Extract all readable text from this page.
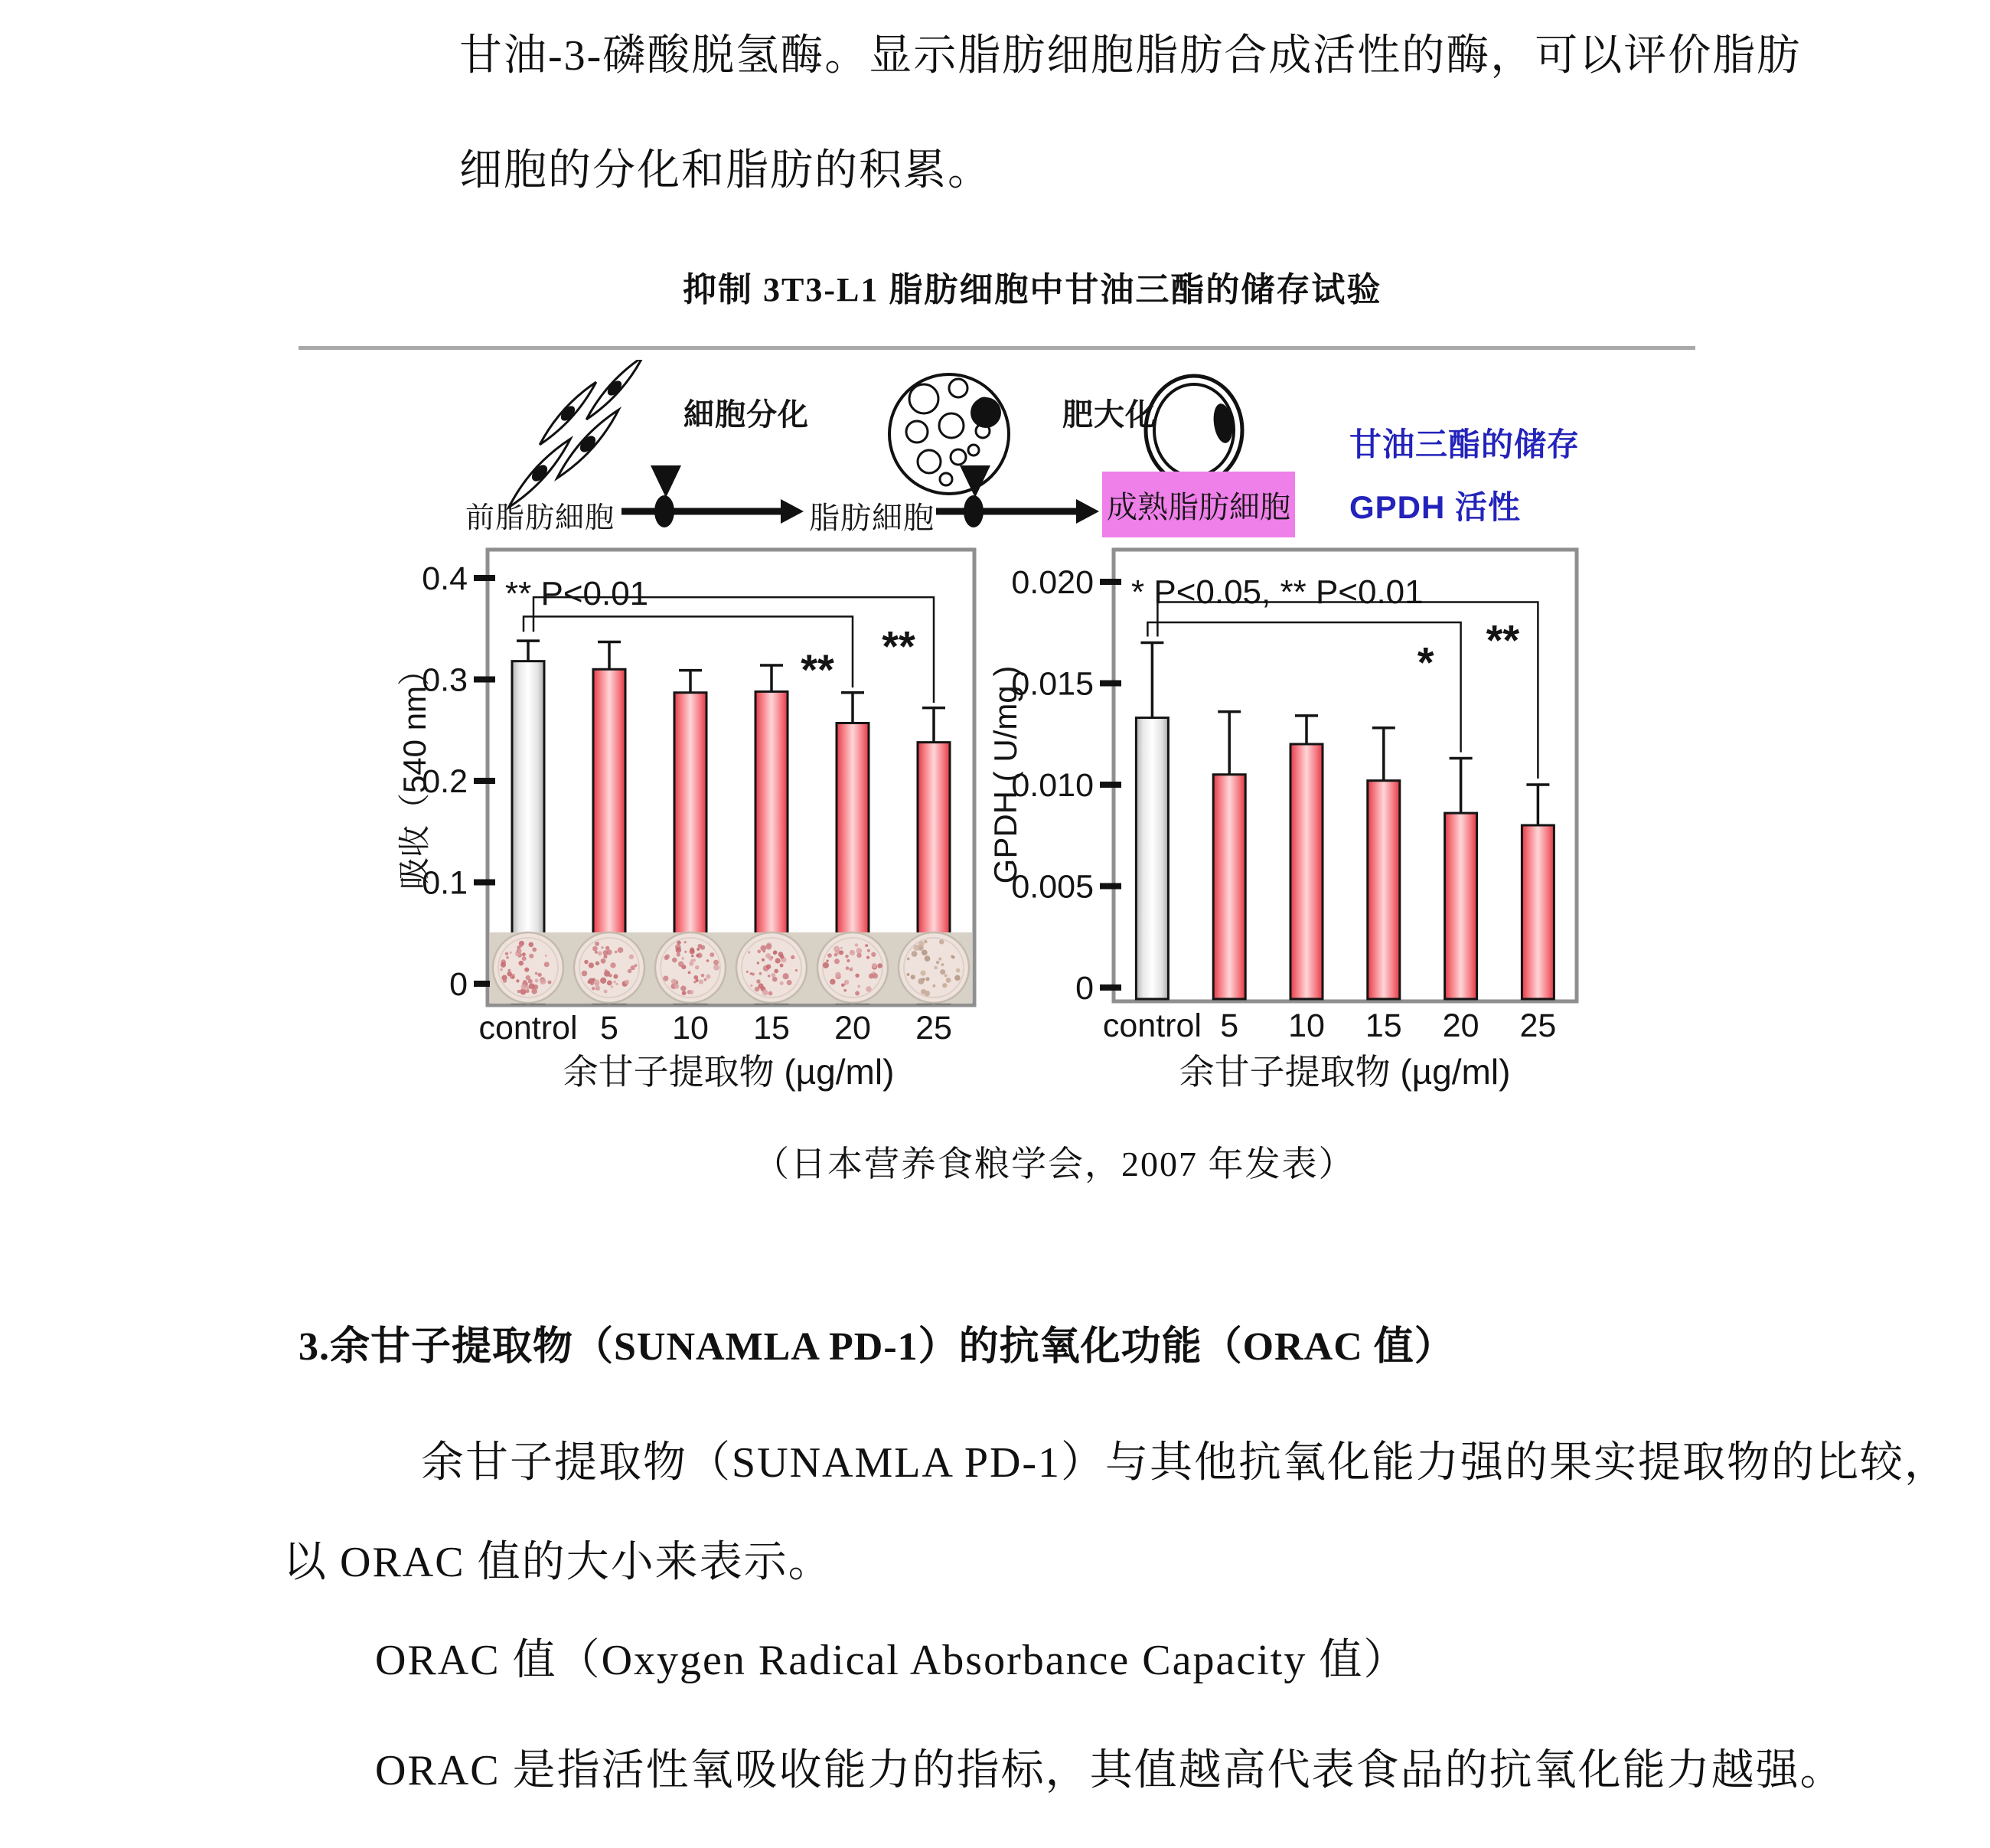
甘油-3-磷酸脱氢酶。显示脂肪细胞脂肪合成活性的酶，可以评价脂肪
细胞的分化和脂肪的积累。
抑制 3T3-L1 脂肪细胞中甘油三酯的储存试验
前脂肪細胞
細胞分化
脂肪細胞
肥大化
成熟脂肪細胞
甘油三酯的储存
GPDH 活性
0
0.1
0.2
0.3
0.4
吸收（540 nm）	** **
** P<0.01
control 5 10 15 20 25
余甘子提取物 (µg/ml)
0
0.005
0.010
0.015
0.020
GPDH ( U/mg )
* **
* P<0.05, ** P<0.01
control 5 10 15 20 25
余甘子提取物 (µg/ml)
（日本营养食粮学会，2007 年发表）
3.余甘子提取物（SUNAMLA PD-1）的抗氧化功能（ORAC 值）
余甘子提取物（SUNAMLA PD-1）与其他抗氧化能力强的果实提取物的比较，
以 ORAC 值的大小来表示。
ORAC 值（Oxygen Radical Absorbance Capacity 值）
ORAC 是指活性氧吸收能力的指标，其值越高代表食品的抗氧化能力越强。
